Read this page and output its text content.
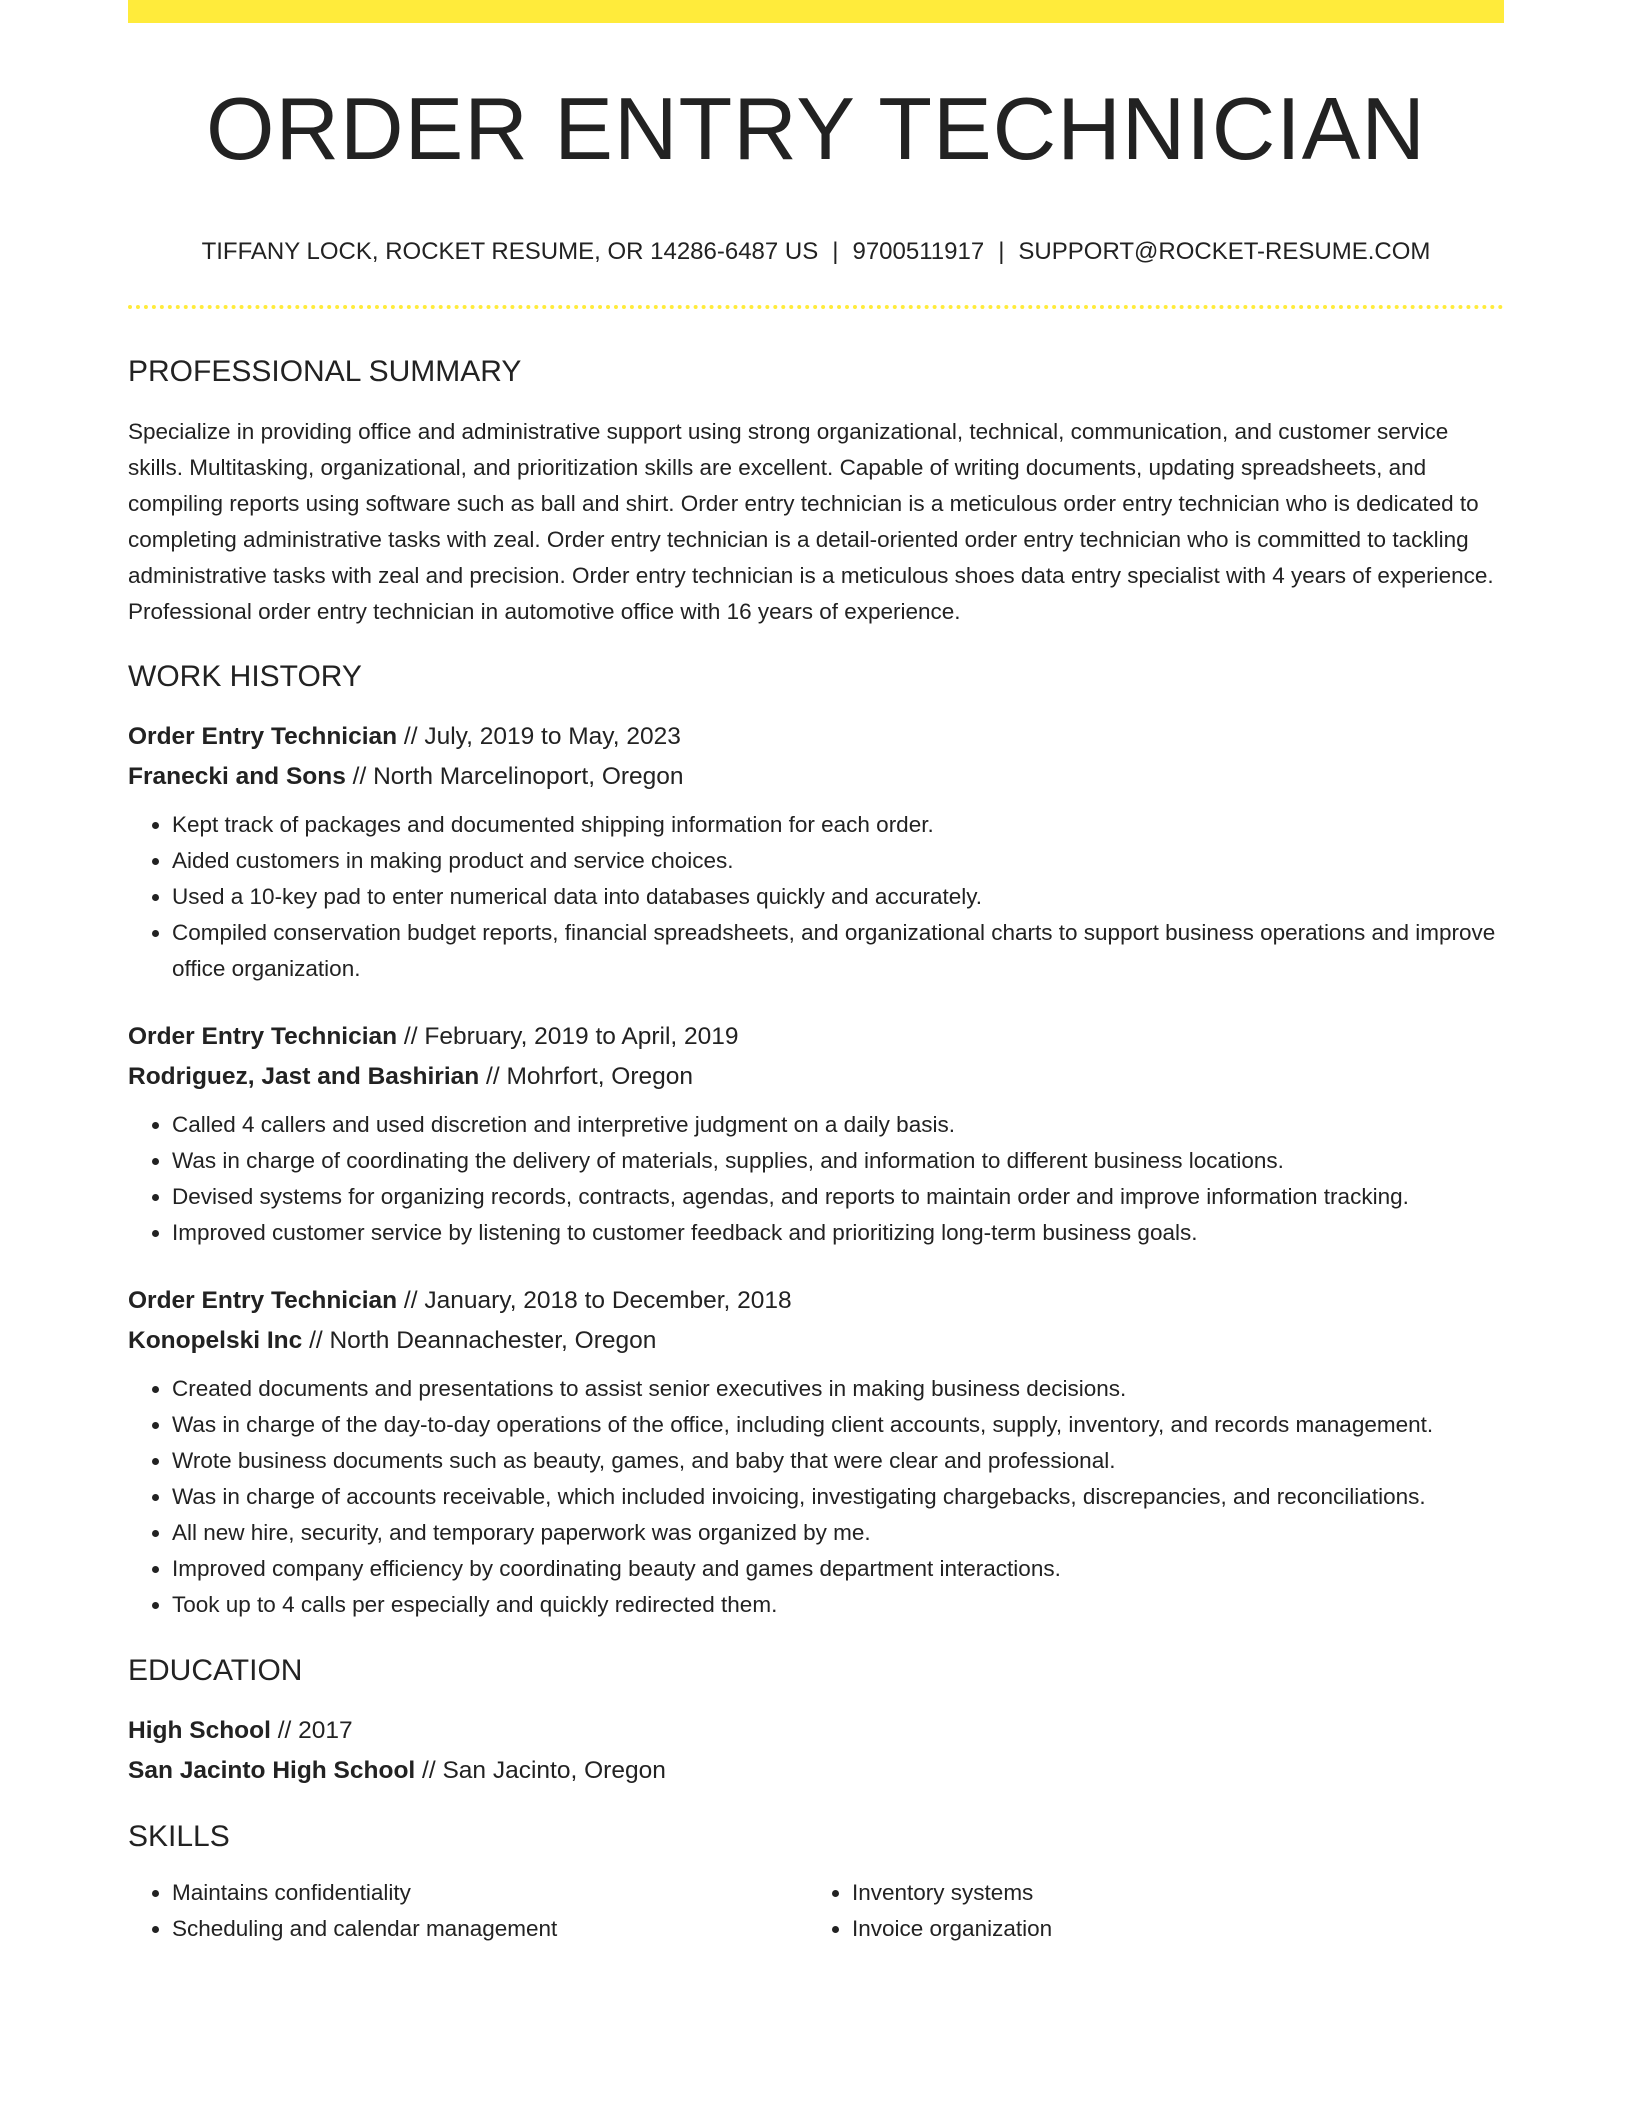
ORDER ENTRY TECHNICIAN
TIFFANY LOCK, ROCKET RESUME, OR 14286-6487 US | 9700511917 | SUPPORT@ROCKET-RESUME.COM
PROFESSIONAL SUMMARY

Specialize in providing office and administrative support using strong organizational, technical, communication, and customer service skills. Multitasking, organizational, and prioritization skills are excellent. Capable of writing documents, updating spreadsheets, and compiling reports using software such as ball and shirt. Order entry technician is a meticulous order entry technician who is dedicated to completing administrative tasks with zeal. Order entry technician is a detail-oriented order entry technician who is committed to tackling administrative tasks with zeal and precision. Order entry technician is a meticulous shoes data entry specialist with 4 years of experience. Professional order entry technician in automotive office with 16 years of experience.

WORK HISTORY
Order Entry Technician // July, 2019 to May, 2023
Franecki and Sons // North Marcelinoport, Oregon
• Kept track of packages and documented shipping information for each order.
• Aided customers in making product and service choices.
• Used a 10-key pad to enter numerical data into databases quickly and accurately.
• Compiled conservation budget reports, financial spreadsheets, and organizational charts to support business operations and improve office organization.
Order Entry Technician // February, 2019 to April, 2019
Rodriguez, Jast and Bashirian // Mohrfort, Oregon
• Called 4 callers and used discretion and interpretive judgment on a daily basis.
• Was in charge of coordinating the delivery of materials, supplies, and information to different business locations.
• Devised systems for organizing records, contracts, agendas, and reports to maintain order and improve information tracking.
• Improved customer service by listening to customer feedback and prioritizing long-term business goals.
Order Entry Technician // January, 2018 to December, 2018
Konopelski Inc // North Deannachester, Oregon
• Created documents and presentations to assist senior executives in making business decisions.
• Was in charge of the day-to-day operations of the office, including client accounts, supply, inventory, and records management.
• Wrote business documents such as beauty, games, and baby that were clear and professional.
• Was in charge of accounts receivable, which included invoicing, investigating chargebacks, discrepancies, and reconciliations.
• All new hire, security, and temporary paperwork was organized by me.
• Improved company efficiency by coordinating beauty and games department interactions.
• Took up to 4 calls per especially and quickly redirected them.
EDUCATION
High School // 2017
San Jacinto High School // San Jacinto, Oregon
SKILLS
• Maintains confidentiality
• Scheduling and calendar management
• Inventory systems
• Invoice organization
